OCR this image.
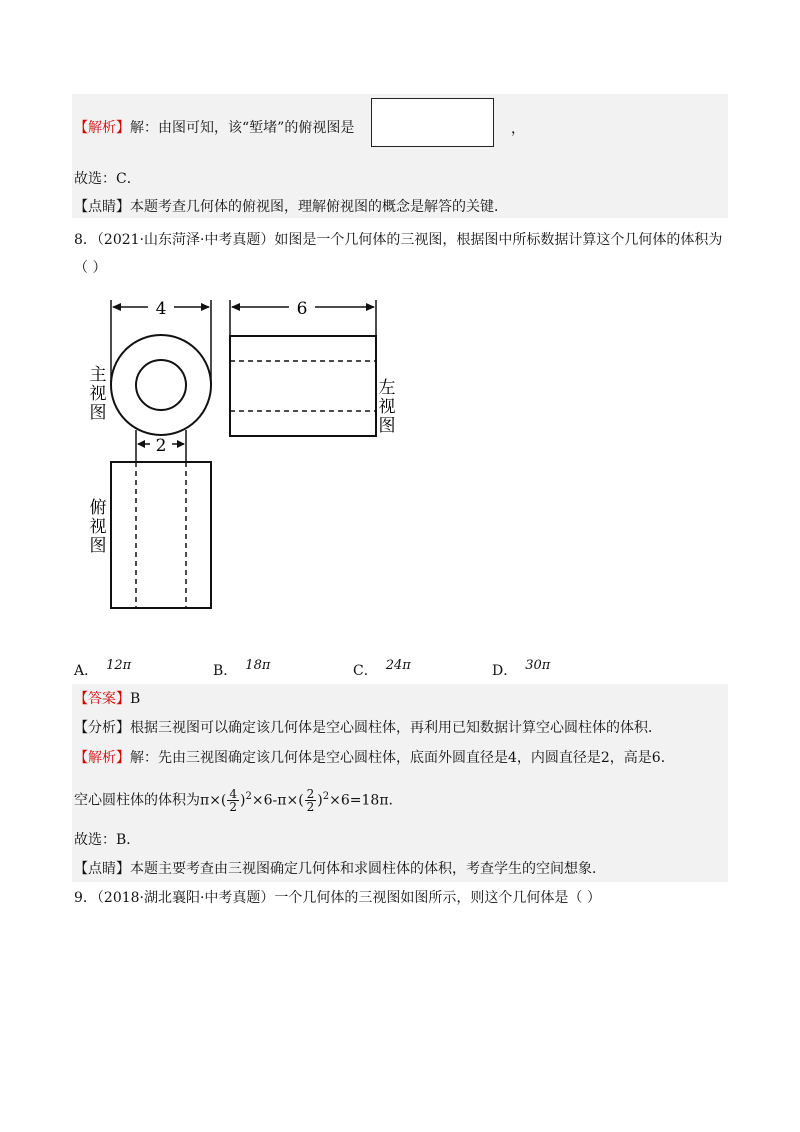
【解析】解：由图可知，该“堑堵”的俯视图是	，
故选：C．
【点睛】本题考查几何体的俯视图，理解俯视图的概念是解答的关键．
8．（2021·山东菏泽·中考真题）如图是一个几何体的三视图，根据图中所标数据计算这个几何体的体积为
（ ）
4	6
2
主
视
图
左
视
图
俯
视
图
A． 12π	B． 18π	C． 24π	D． 30π
【答案】B
【分析】根据三视图可以确定该几何体是空心圆柱体，再利用已知数据计算空心圆柱体的体积．
【解析】解：先由三视图确定该几何体是空心圆柱体，底面外圆直径是4，内圆直径是2，高是6．
空心圆柱体的体积为$\pi\times( \frac{4}{2} )^2\times 6-\pi\times( \frac{2}{2} )^2\times 6=18\pi$.
故选：B．
【点睛】本题主要考查由三视图确定几何体和求圆柱体的体积，考查学生的空间想象．
9．（2018·湖北襄阳·中考真题）一个几何体的三视图如图所示，则这个几何体是（ ）
